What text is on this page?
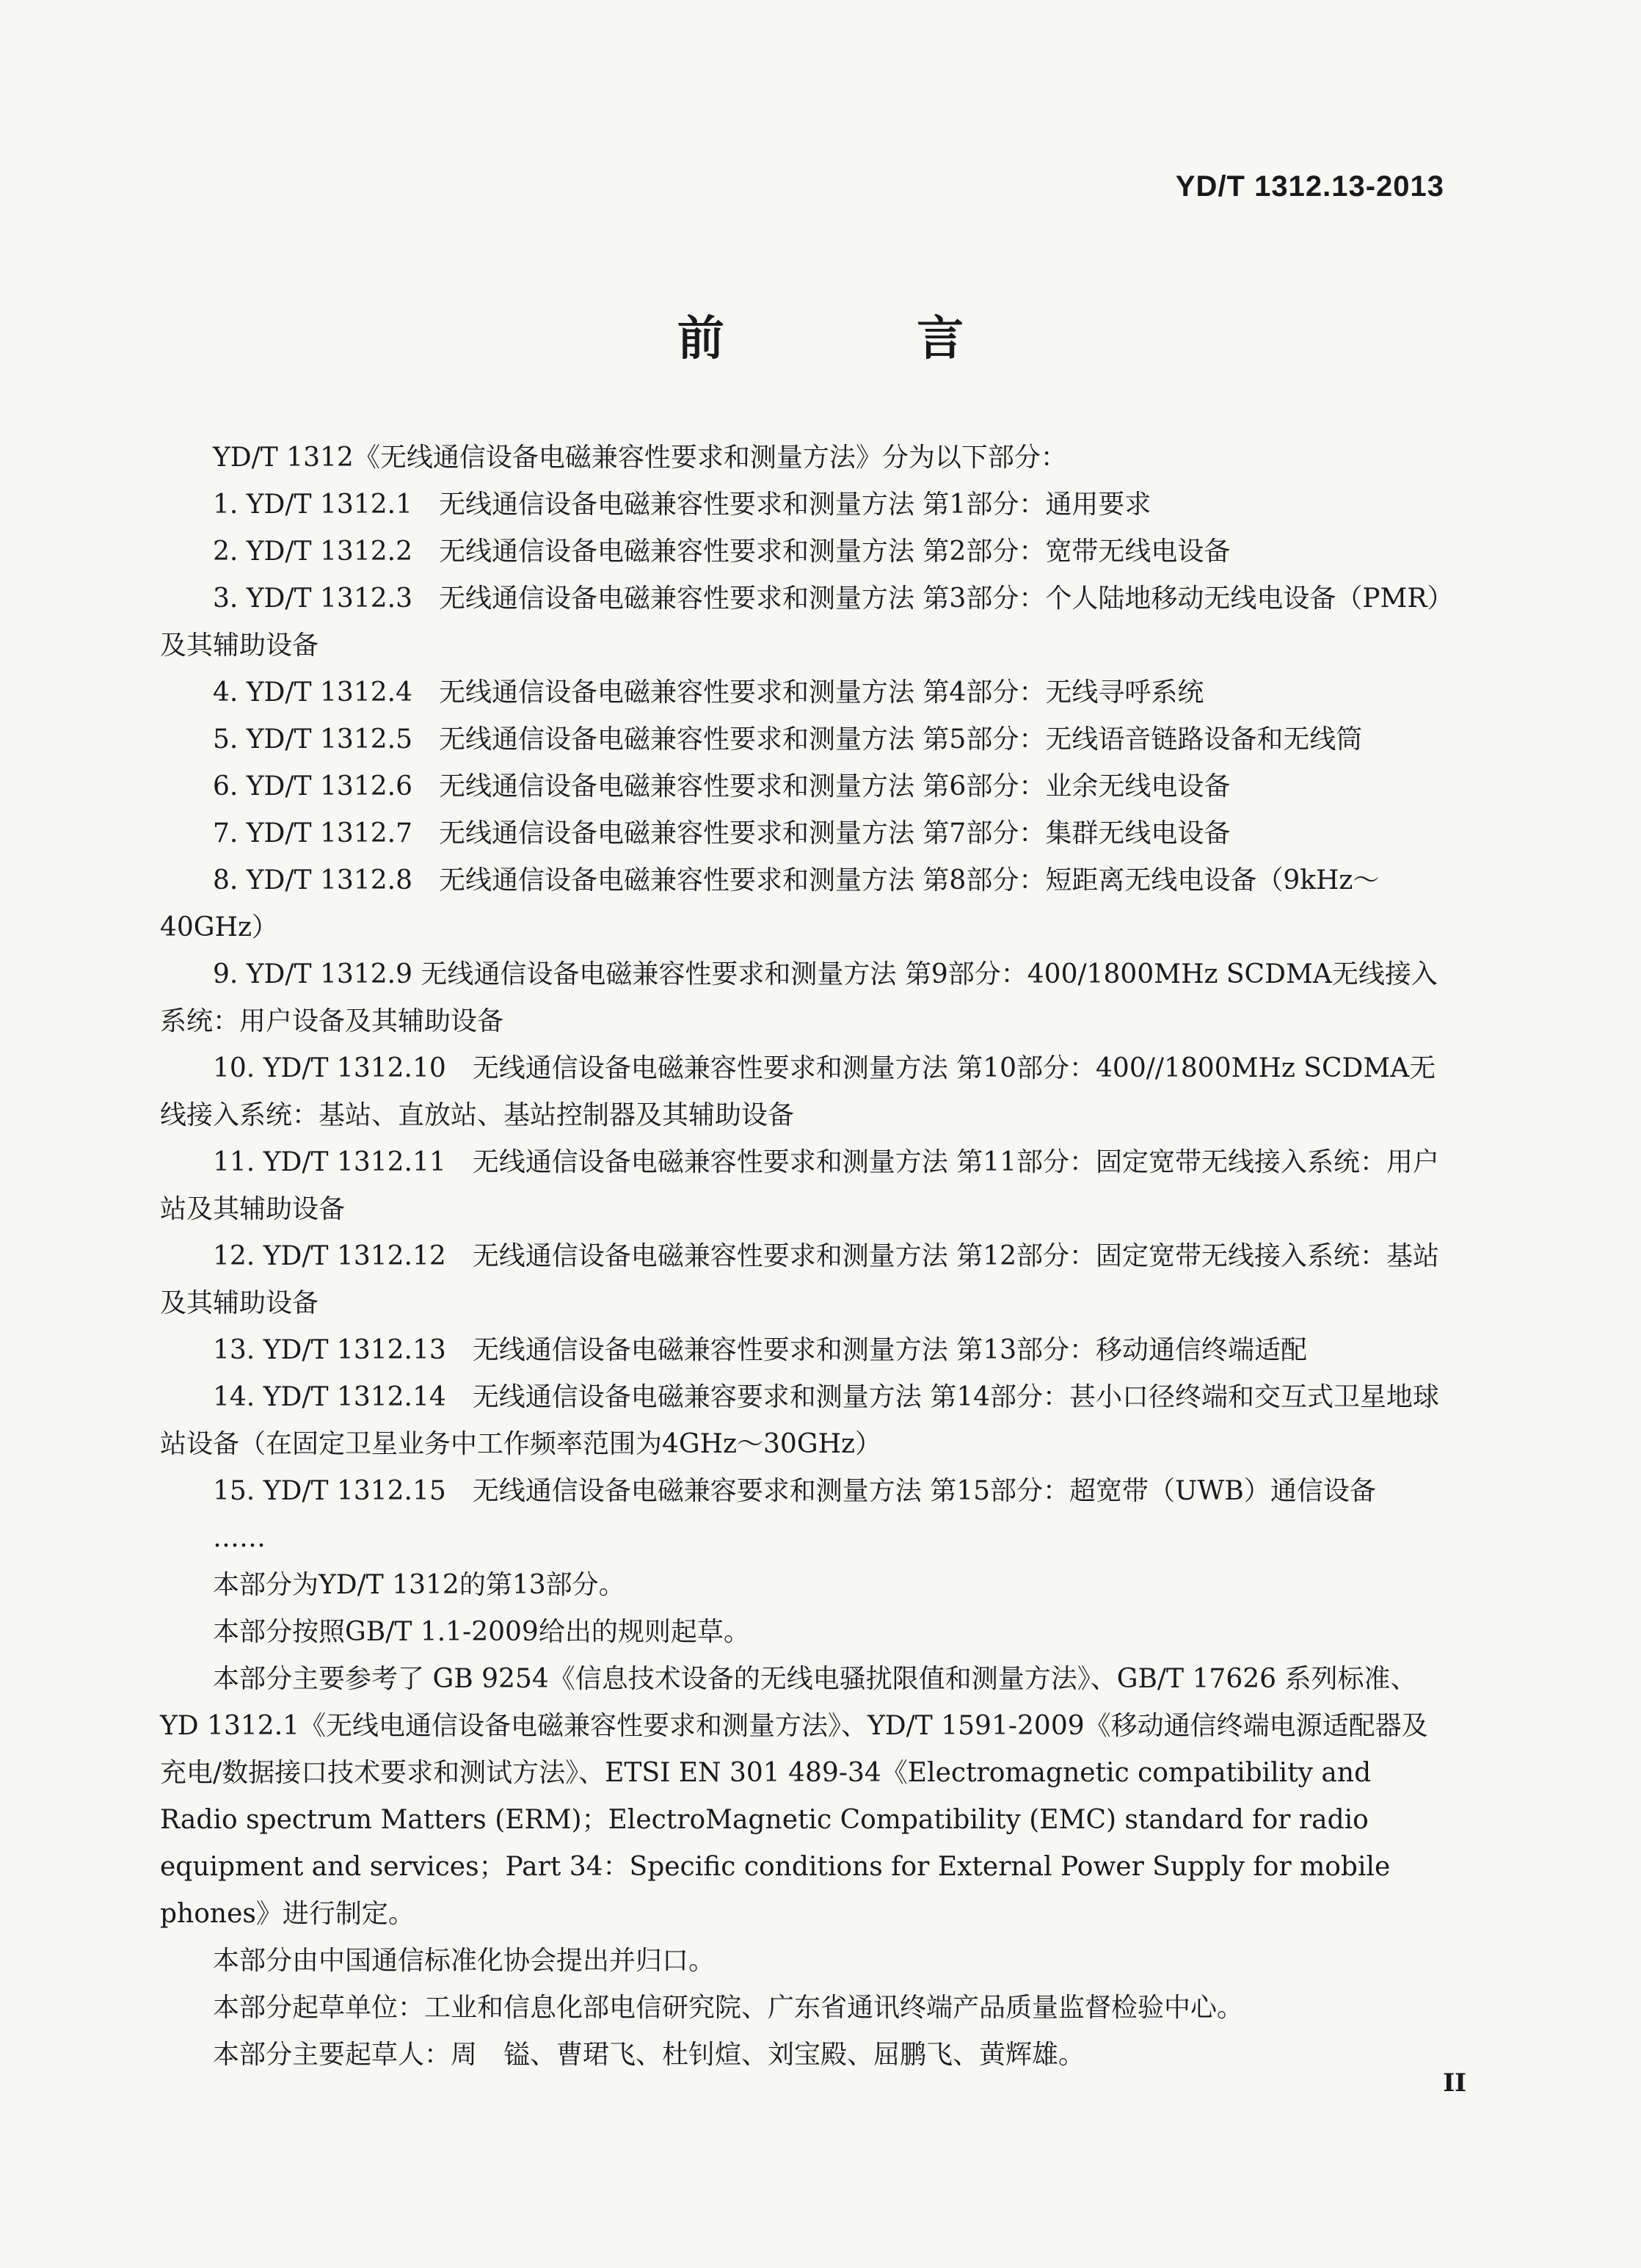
YD/T 1312.13-2013
前 言

YD/T 1312《无线通信设备电磁兼容性要求和测量方法》分为以下部分：

1. YD/T 1312.1　无线通信设备电磁兼容性要求和测量方法 第1部分：通用要求

2. YD/T 1312.2　无线通信设备电磁兼容性要求和测量方法 第2部分：宽带无线电设备

3. YD/T 1312.3　无线通信设备电磁兼容性要求和测量方法 第3部分：个人陆地移动无线电设备（PMR）及其辅助设备

4. YD/T 1312.4　无线通信设备电磁兼容性要求和测量方法 第4部分：无线寻呼系统

5. YD/T 1312.5　无线通信设备电磁兼容性要求和测量方法 第5部分：无线语音链路设备和无线筒

6. YD/T 1312.6　无线通信设备电磁兼容性要求和测量方法 第6部分：业余无线电设备

7. YD/T 1312.7　无线通信设备电磁兼容性要求和测量方法 第7部分：集群无线电设备

8. YD/T 1312.8　无线通信设备电磁兼容性要求和测量方法 第8部分：短距离无线电设备（9kHz～40GHz）

9. YD/T 1312.9 无线通信设备电磁兼容性要求和测量方法 第9部分：400/1800MHz SCDMA无线接入系统：用户设备及其辅助设备

10. YD/T 1312.10　无线通信设备电磁兼容性要求和测量方法 第10部分：400//1800MHz SCDMA无线接入系统：基站、直放站、基站控制器及其辅助设备

11. YD/T 1312.11　无线通信设备电磁兼容性要求和测量方法 第11部分：固定宽带无线接入系统：用户站及其辅助设备

12. YD/T 1312.12　无线通信设备电磁兼容性要求和测量方法 第12部分：固定宽带无线接入系统：基站及其辅助设备

13. YD/T 1312.13　无线通信设备电磁兼容性要求和测量方法 第13部分：移动通信终端适配

14. YD/T 1312.14　无线通信设备电磁兼容要求和测量方法 第14部分：甚小口径终端和交互式卫星地球站设备（在固定卫星业务中工作频率范围为4GHz～30GHz）

15. YD/T 1312.15　无线通信设备电磁兼容要求和测量方法 第15部分：超宽带（UWB）通信设备

……

本部分为YD/T 1312的第13部分。

本部分按照GB/T 1.1-2009给出的规则起草。

本部分主要参考了 GB 9254《信息技术设备的无线电骚扰限值和测量方法》、GB/T 17626 系列标准、YD 1312.1《无线电通信设备电磁兼容性要求和测量方法》、YD/T 1591-2009《移动通信终端电源适配器及充电/数据接口技术要求和测试方法》、ETSI EN 301 489-34《Electromagnetic compatibility and Radio spectrum Matters (ERM)；ElectroMagnetic Compatibility (EMC) standard for radio equipment and services；Part 34：Specific conditions for External Power Supply for mobile phones》进行制定。

本部分由中国通信标准化协会提出并归口。

本部分起草单位：工业和信息化部电信研究院、广东省通讯终端产品质量监督检验中心。

本部分主要起草人：周　镒、曹珺飞、杜钊煊、刘宝殿、屈鹏飞、黄辉雄。

II
